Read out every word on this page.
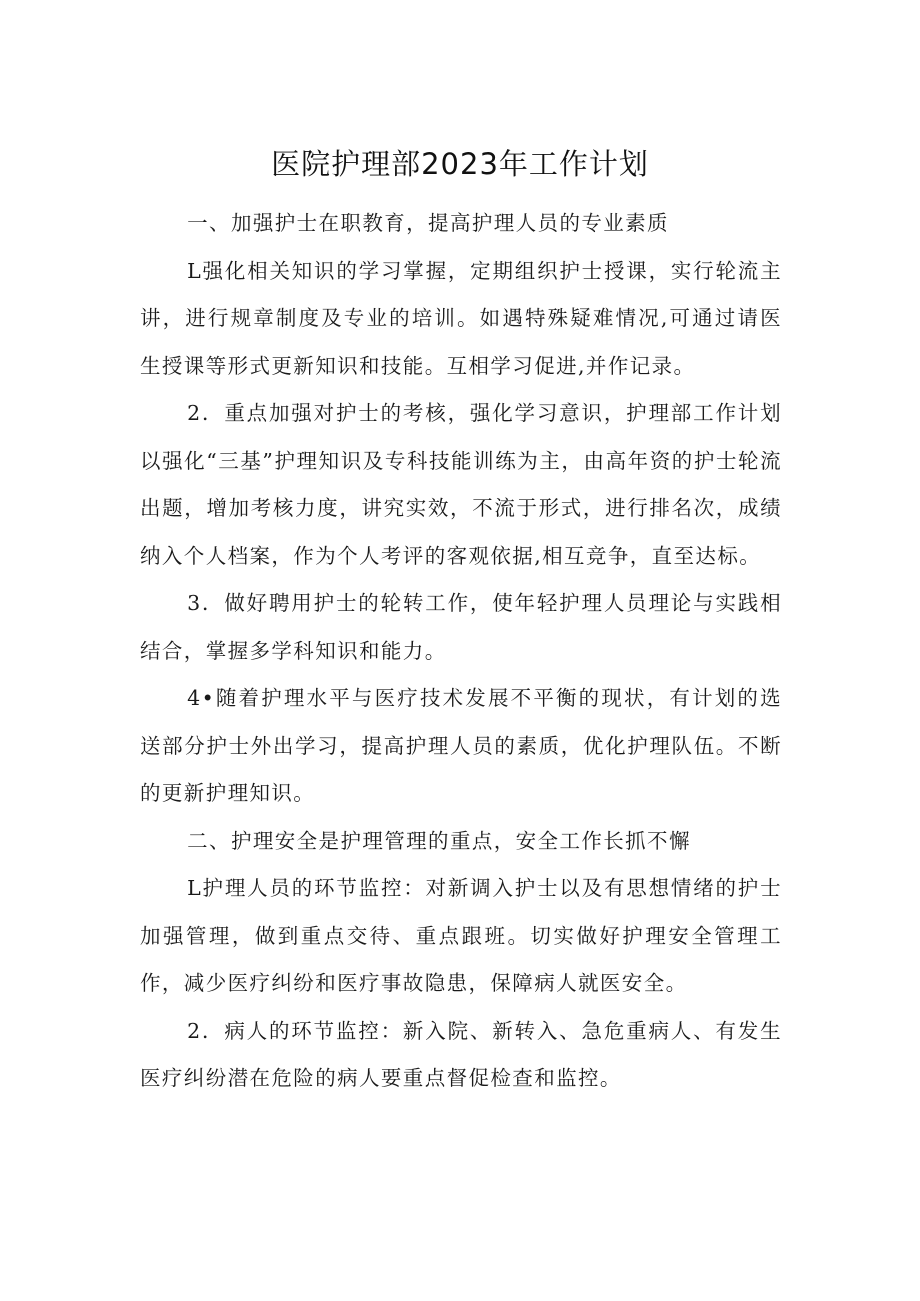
医院护理部2023年工作计划

一、加强护士在职教育，提高护理人员的专业素质

L强化相关知识的学习掌握，定期组织护士授课，实行轮流主讲，进行规章制度及专业的培训。如遇特殊疑难情况,可通过请医生授课等形式更新知识和技能。互相学习促进,并作记录。

2．重点加强对护士的考核，强化学习意识，护理部工作计划以强化“三基”护理知识及专科技能训练为主，由高年资的护士轮流出题，增加考核力度，讲究实效，不流于形式，进行排名次，成绩纳入个人档案，作为个人考评的客观依据,相互竞争，直至达标。

3．做好聘用护士的轮转工作，使年轻护理人员理论与实践相结合，掌握多学科知识和能力。

4•随着护理水平与医疗技术发展不平衡的现状，有计划的选送部分护士外出学习，提高护理人员的素质，优化护理队伍。不断的更新护理知识。

二、护理安全是护理管理的重点，安全工作长抓不懈

L护理人员的环节监控：对新调入护士以及有思想情绪的护士加强管理，做到重点交待、重点跟班。切实做好护理安全管理工作，减少医疗纠纷和医疗事故隐患，保障病人就医安全。

2．病人的环节监控：新入院、新转入、急危重病人、有发生医疗纠纷潜在危险的病人要重点督促检查和监控。
